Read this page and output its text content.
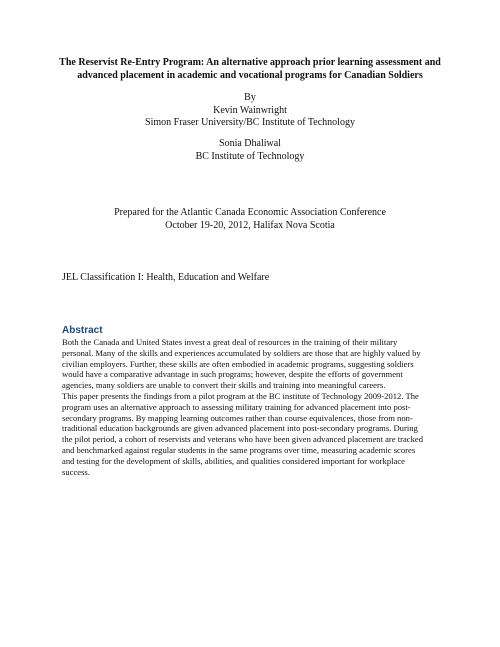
The Reservist Re-Entry Program: An alternative approach prior learning assessment and
advanced placement in academic and vocational programs for Canadian Soldiers
By
Kevin Wainwright
Simon Fraser University/BC Institute of Technology
Sonia Dhaliwal
BC Institute of Technology
Prepared for the Atlantic Canada Economic Association Conference
October 19-20, 2012, Halifax Nova Scotia
JEL Classification I: Health, Education and Welfare
Abstract
Both the Canada and United States invest a great deal of resources in the training of their military
personal. Many of the skills and experiences accumulated by soldiers are those that are highly valued by
civilian employers. Further, these skills are often embodied in academic programs, suggesting soldiers
would have a comparative advantage in such programs; however, despite the efforts of government
agencies, many soldiers are unable to convert their skills and training into meaningful careers.
This paper presents the findings from a pilot program at the BC institute of Technology 2009-2012. The
program uses an alternative approach to assessing military training for advanced placement into post-
secondary programs. By mapping learning outcomes rather than course equivalences, those from non-
traditional education backgrounds are given advanced placement into post-secondary programs. During
the pilot period, a cohort of reservists and veterans who have been given advanced placement are tracked
and benchmarked against regular students in the same programs over time, measuring academic scores
and testing for the development of skills, abilities, and qualities considered important for workplace
success.
